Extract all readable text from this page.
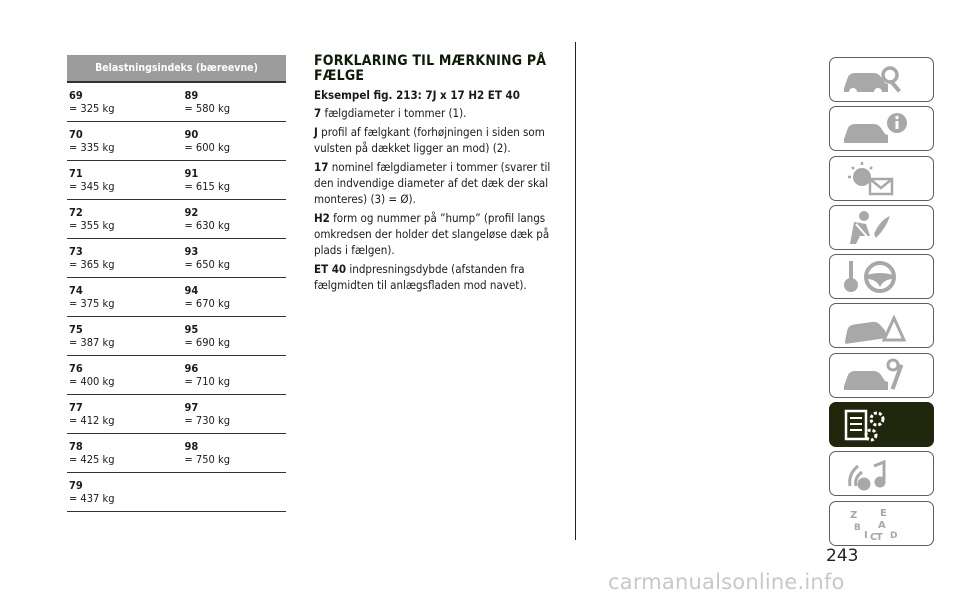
Belastningsindeks (bæreevne)
69
= 325 kg
89
= 580 kg
70
= 335 kg
90
= 600 kg
71
= 345 kg
91
= 615 kg
72
= 355 kg
92
= 630 kg
73
= 365 kg
93
= 650 kg
74
= 375 kg
94
= 670 kg
75
= 387 kg
95
= 690 kg
76
= 400 kg
96
= 710 kg
77
= 412 kg
97
= 730 kg
78
= 425 kg
98
= 750 kg
79
= 437 kg
FORKLARING TIL MÆRKNING PÅ
FÆLGE
Eksempel fig. 213: 7J x 17 H2 ET 40
7 fælgdiameter i tommer (1).
J profil af fælgkant (forhøjningen i siden som vulsten på dækket ligger an mod) (2).
17 nominel fælgdiameter i tommer (svarer til den indvendige diameter af det dæk der skal monteres) (3) = Ø).
H2 form og nummer på ”hump” (profil langs omkredsen der holder det slangeløse dæk på plads i fælgen).
ET 40 indpresningsdybde (afstanden fra fælgmidten til anlægsfladen mod navet).
Z E
B A
I C
T D
243
carmanualsonline.info
